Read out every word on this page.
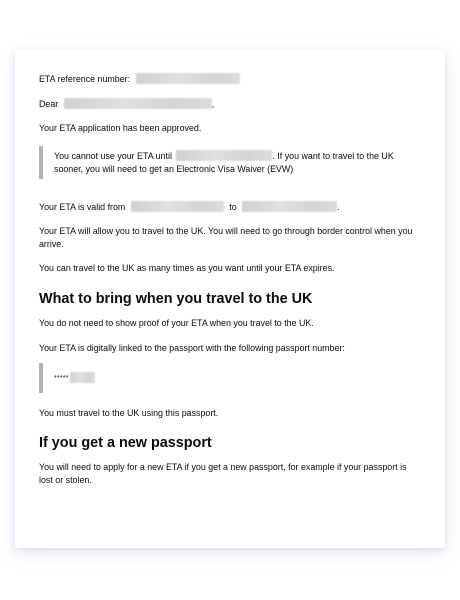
ETA reference number:

Dear	,

Your ETA application has been approved.

You cannot use your ETA until	. If you want to travel to the UK sooner, you will need to get an Electronic Visa Waiver (EVW)

Your ETA is valid from	to	.

Your ETA will allow you to travel to the UK. You will need to go through border control when you arrive.

You can travel to the UK as many times as you want until your ETA expires.

What to bring when you travel to the UK

You do not need to show proof of your ETA when you travel to the UK.

Your ETA is digitally linked to the passport with the following passport number:

*****

You must travel to the UK using this passport.

If you get a new passport

You will need to apply for a new ETA if you get a new passport, for example if your passport is lost or stolen.
